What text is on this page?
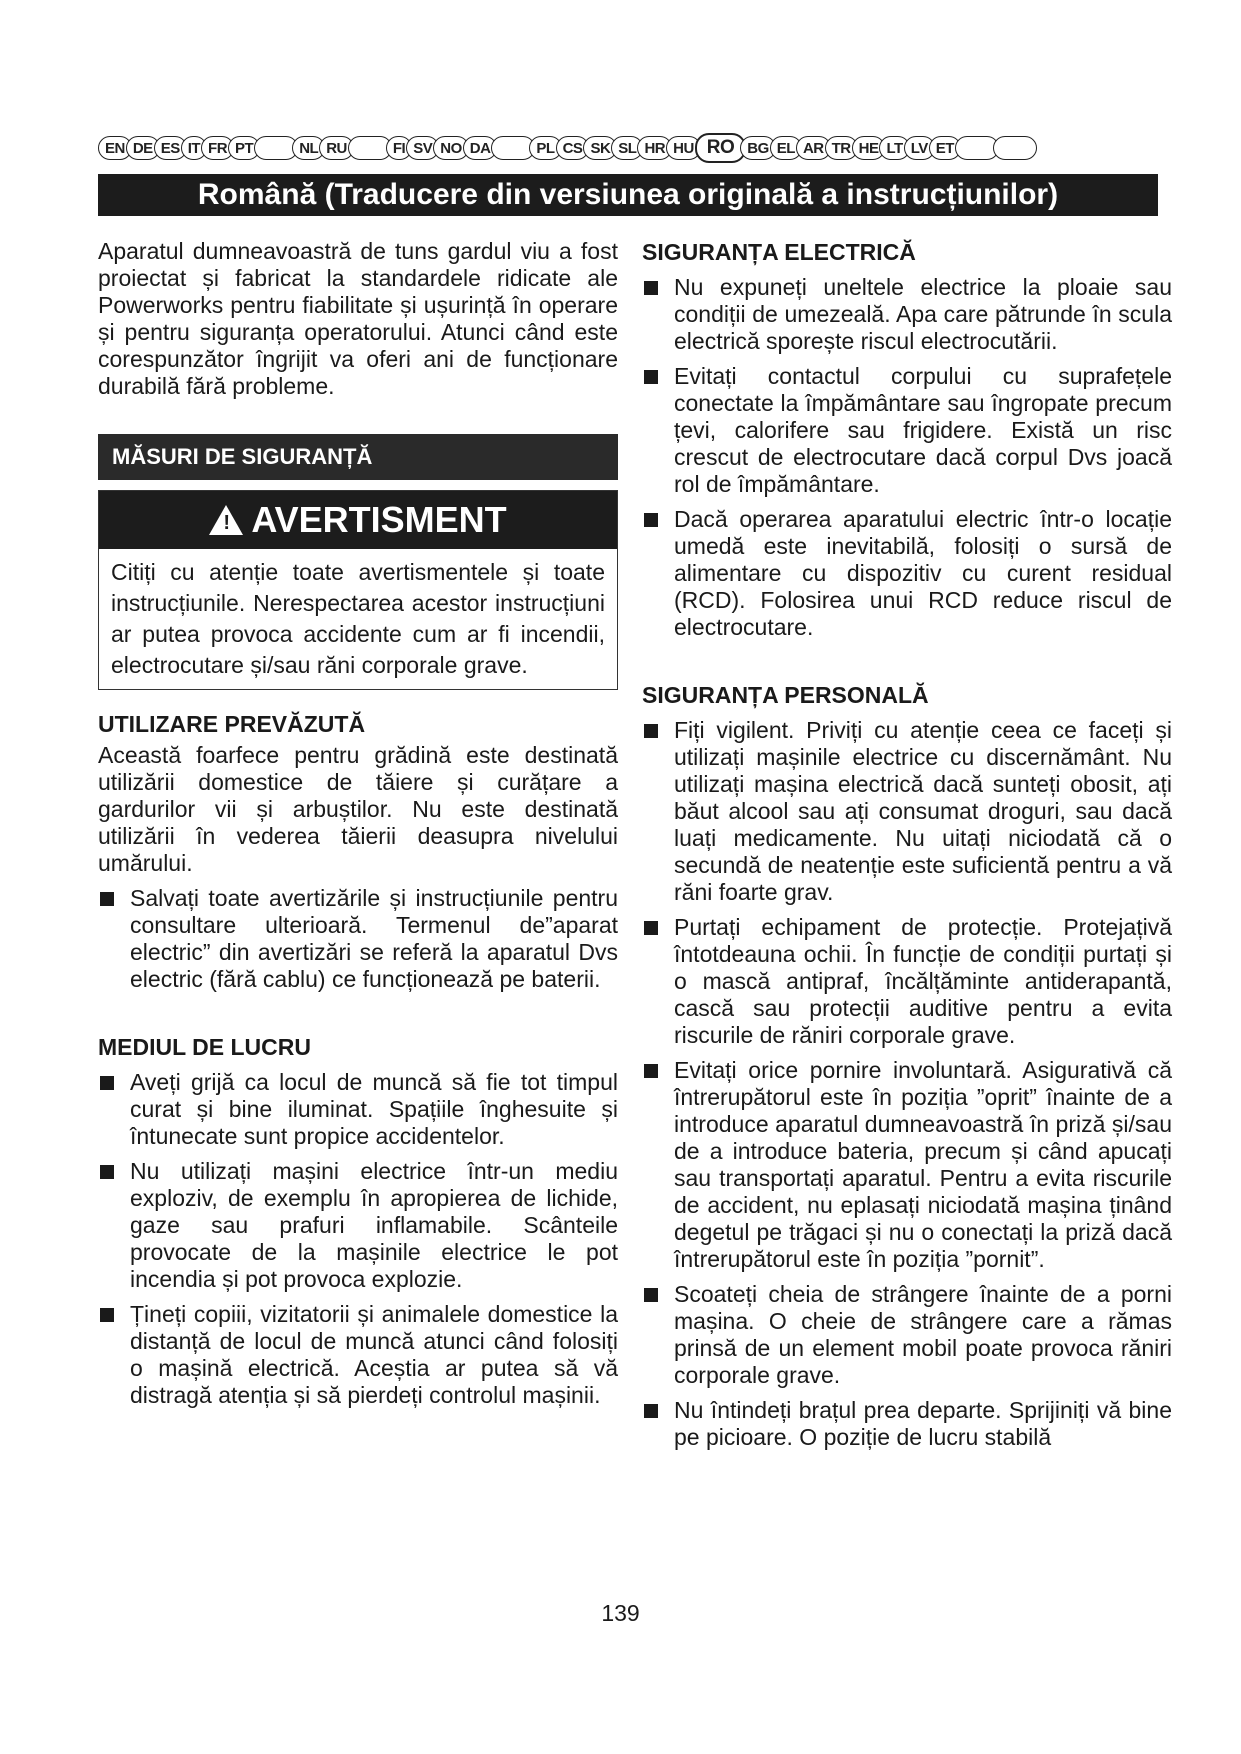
EN DE ES IT FR PT	NL RU	FI SV NO DA	PL CS SK SL HR HU RO BG EL AR TR HE LT LV ET
Română (Traducere din versiunea originală a instrucțiunilor)

Aparatul dumneavoastră de tuns gardul viu a fost proiectat și fabricat la standardele ridicate ale Powerworks pentru fiabilitate și ușurință în operare și pentru siguranța operatorului. Atunci când este corespunzător îngrijit va oferi ani de funcționare durabilă fără probleme.

MĂSURI DE SIGURANȚĂ
! AVERTISMENT
Citiți cu atenție toate avertismentele și toate instrucțiunile. Nerespectarea acestor instrucțiuni ar putea provoca accidente cum ar fi incendii, electrocutare și/sau răni corporale grave.
UTILIZARE PREVĂZUTĂ

Această foarfece pentru grădină este destinată utilizării domestice de tăiere și curățare a gardurilor vii și arbuștilor. Nu este destinată utilizării în vederea tăierii deasupra nivelului umărului.

Salvați toate avertizările și instrucțiunile pentru consultare ulterioară. Termenul de”aparat electric” din avertizări se referă la aparatul Dvs electric (fără cablu) ce funcționează pe baterii.
MEDIUL DE LUCRU
Aveți grijă ca locul de muncă să fie tot timpul curat și bine iluminat. Spațiile înghesuite și întunecate sunt propice accidentelor.
Nu utilizați mașini electrice într-un mediu exploziv, de exemplu în apropierea de lichide, gaze sau prafuri inflamabile. Scânteile provocate de la mașinile electrice le pot incendia și pot provoca explozie.
Țineți copiii, vizitatorii și animalele domestice la distanță de locul de muncă atunci când folosiți o mașină electrică. Aceștia ar putea să vă distragă atenția și să pierdeți controlul mașinii.
SIGURANȚA ELECTRICĂ
Nu expuneți uneltele electrice la ploaie sau condiții de umezeală. Apa care pătrunde în scula electrică sporește riscul electrocutării.
Evitați contactul corpului cu suprafețele conectate la împământare sau îngropate precum țevi, calorifere sau frigidere. Există un risc crescut de electrocutare dacă corpul Dvs joacă rol de împământare.
Dacă operarea aparatului electric într-o locație umedă este inevitabilă, folosiți o sursă de alimentare cu dispozitiv cu curent residual (RCD). Folosirea unui RCD reduce riscul de electrocutare.
SIGURANȚA PERSONALĂ
Fiți vigilent. Priviți cu atenție ceea ce faceți și utilizați mașinile electrice cu discernământ. Nu utilizați mașina electrică dacă sunteți obosit, ați băut alcool sau ați consumat droguri, sau dacă luați medicamente. Nu uitați niciodată că o secundă de neatenție este suficientă pentru a vă răni foarte grav.
Purtați echipament de protecție. Protejațivă întotdeauna ochii. În funcție de condiții purtați și o mască antipraf, încălțăminte antiderapantă, cască sau protecții auditive pentru a evita riscurile de răniri corporale grave.
Evitați orice pornire involuntară. Asigurativă că întrerupătorul este în poziția ”oprit” înainte de a introduce aparatul dumneavoastră în priză și/sau de a introduce bateria, precum și când apucați sau transportați aparatul. Pentru a evita riscurile de accident, nu eplasați niciodată mașina ținând degetul pe trăgaci și nu o conectați la priză dacă întrerupătorul este în poziția ”pornit”.
Scoateți cheia de strângere înainte de a porni mașina. O cheie de strângere care a rămas prinsă de un element mobil poate provoca răniri corporale grave.
Nu întindeți brațul prea departe. Sprijiniți vă bine pe picioare. O poziție de lucru stabilă
139
